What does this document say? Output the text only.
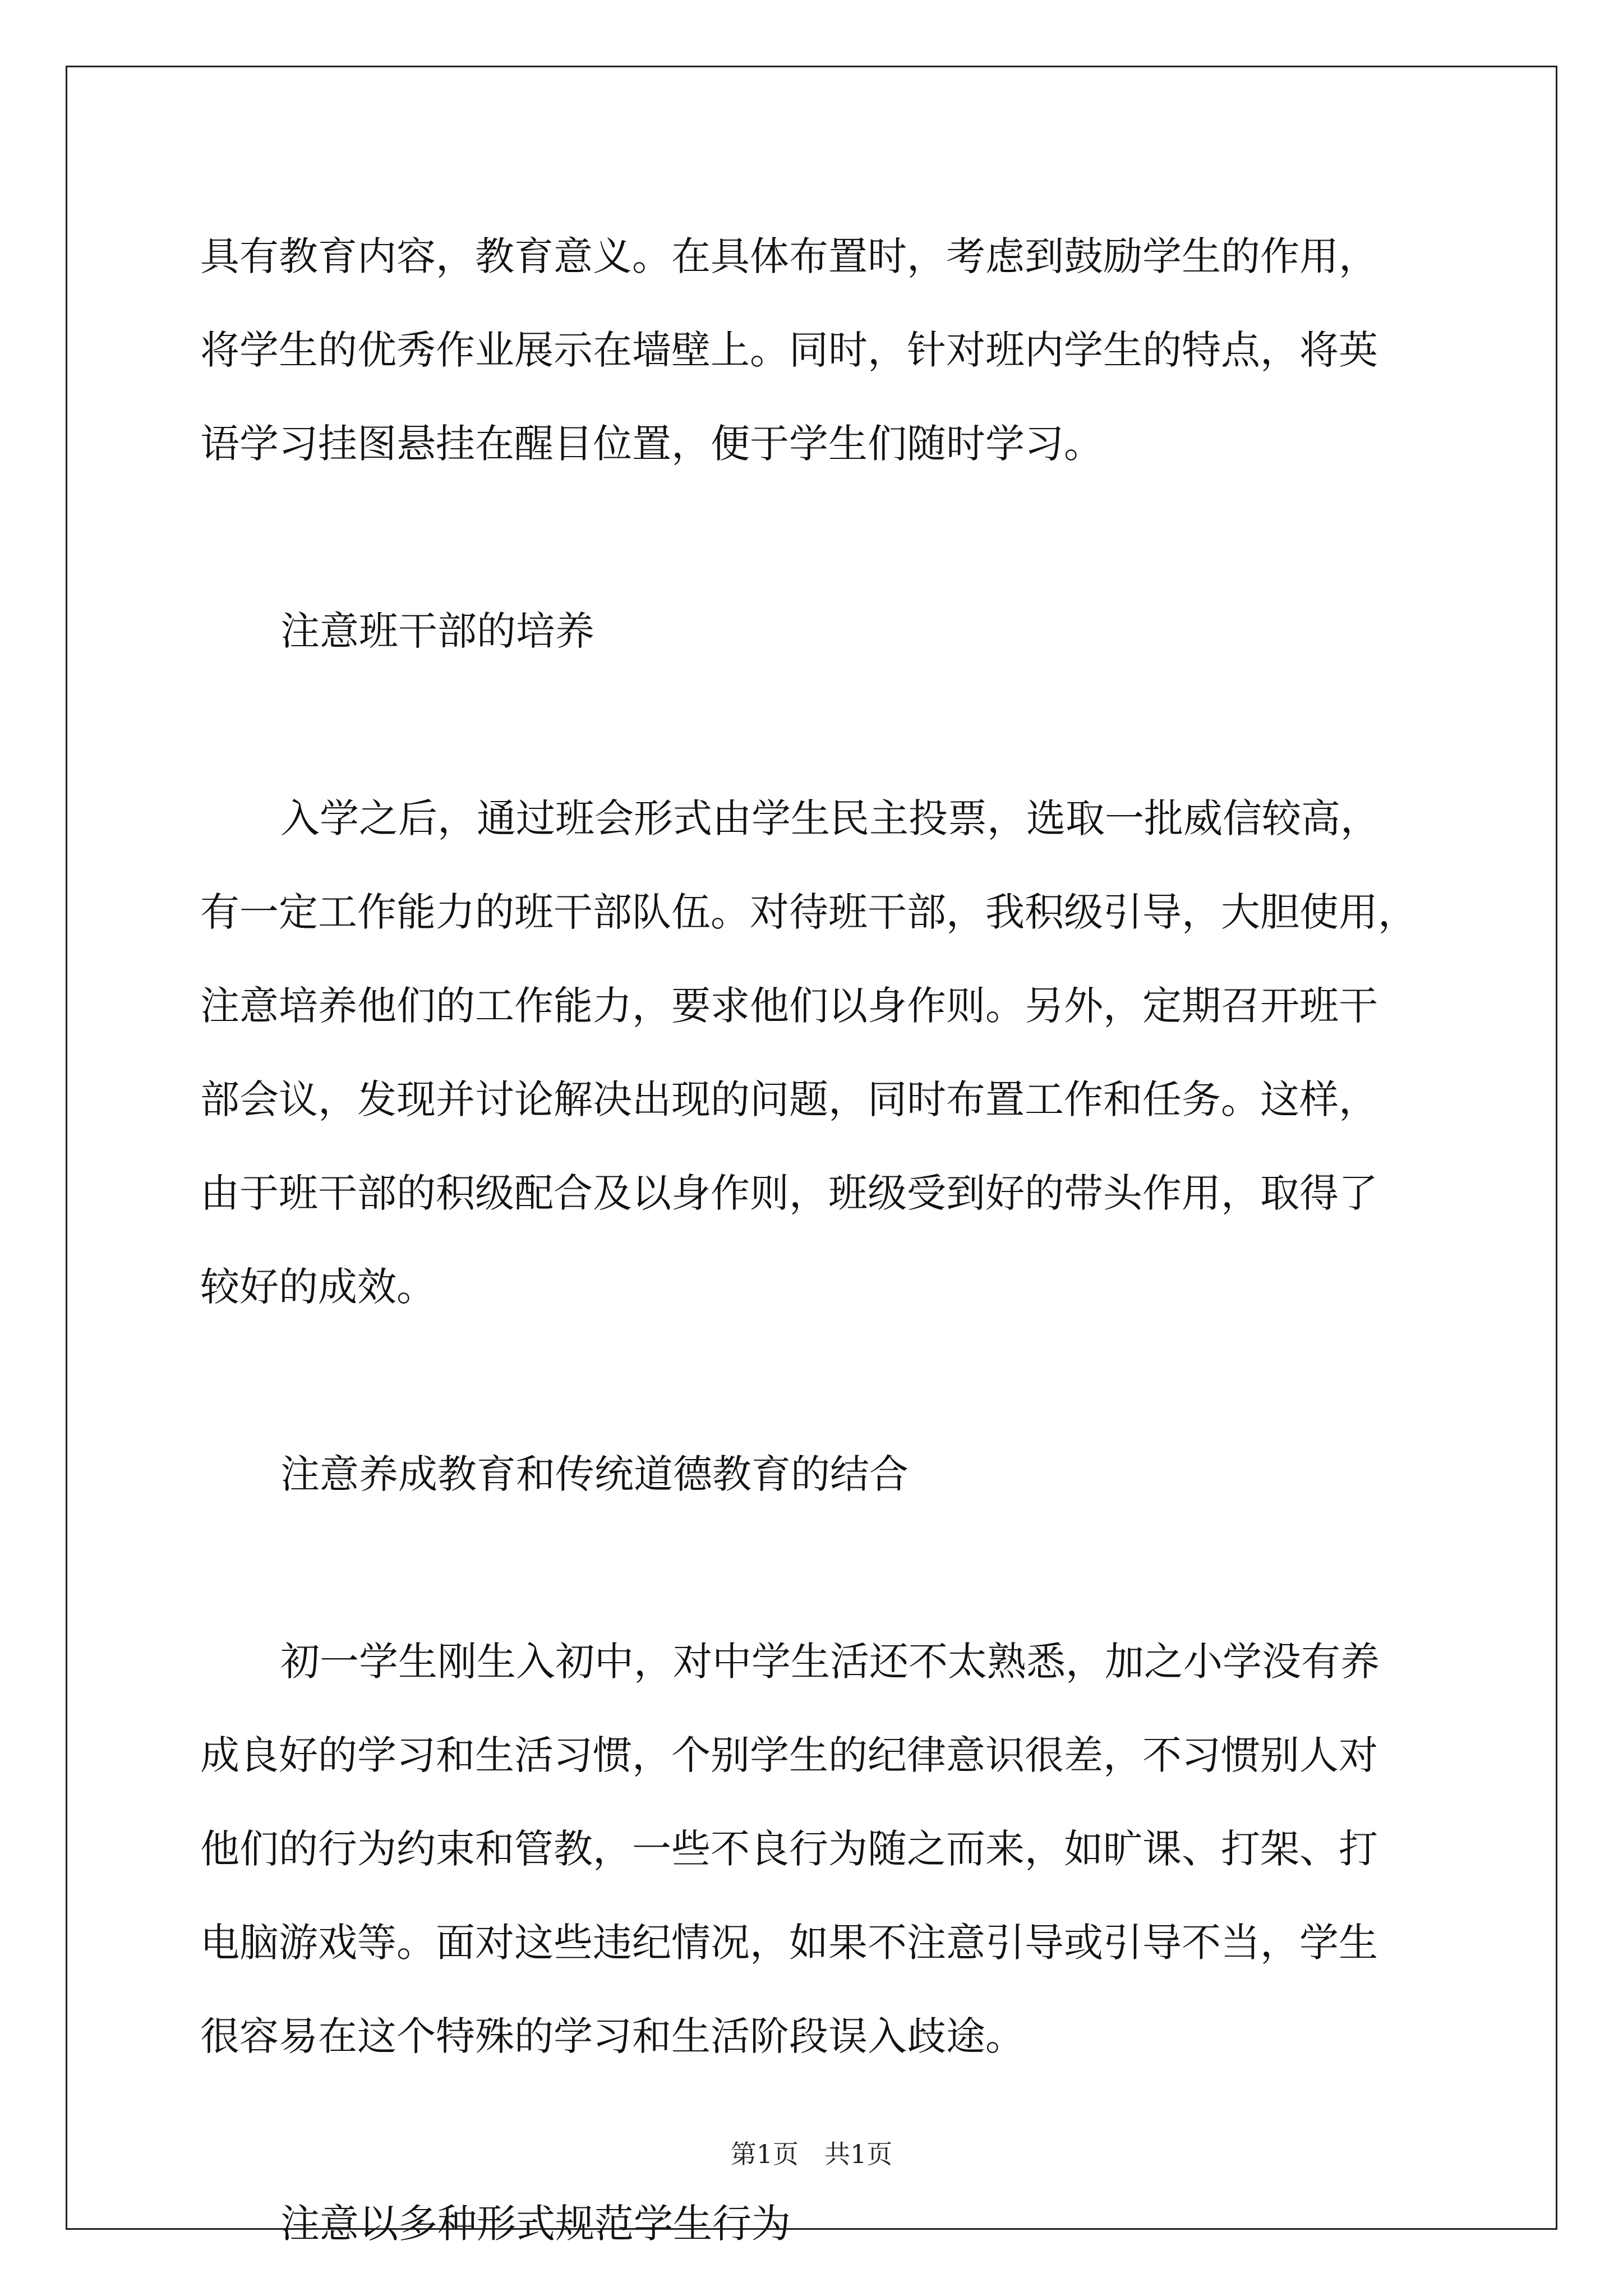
具有教育内容，教育意义。在具体布置时，考虑到鼓励学生的作用，

将学生的优秀作业展示在墙壁上。同时，针对班内学生的特点，将英

语学习挂图悬挂在醒目位置，便于学生们随时学习。

注意班干部的培养

入学之后，通过班会形式由学生民主投票，选取一批威信较高，

有一定工作能力的班干部队伍。对待班干部，我积级引导，大胆使用，

注意培养他们的工作能力，要求他们以身作则。另外，定期召开班干

部会议，发现并讨论解决出现的问题，同时布置工作和任务。这样，

由于班干部的积级配合及以身作则，班级受到好的带头作用，取得了

较好的成效。

注意养成教育和传统道德教育的结合

初一学生刚生入初中，对中学生活还不太熟悉，加之小学没有养

成良好的学习和生活习惯，个别学生的纪律意识很差，不习惯别人对

他们的行为约束和管教，一些不良行为随之而来，如旷课、打架、打

电脑游戏等。面对这些违纪情况，如果不注意引导或引导不当，学生

很容易在这个特殊的学习和生活阶段误入歧途。

注意以多种形式规范学生行为

第1页　共1页
